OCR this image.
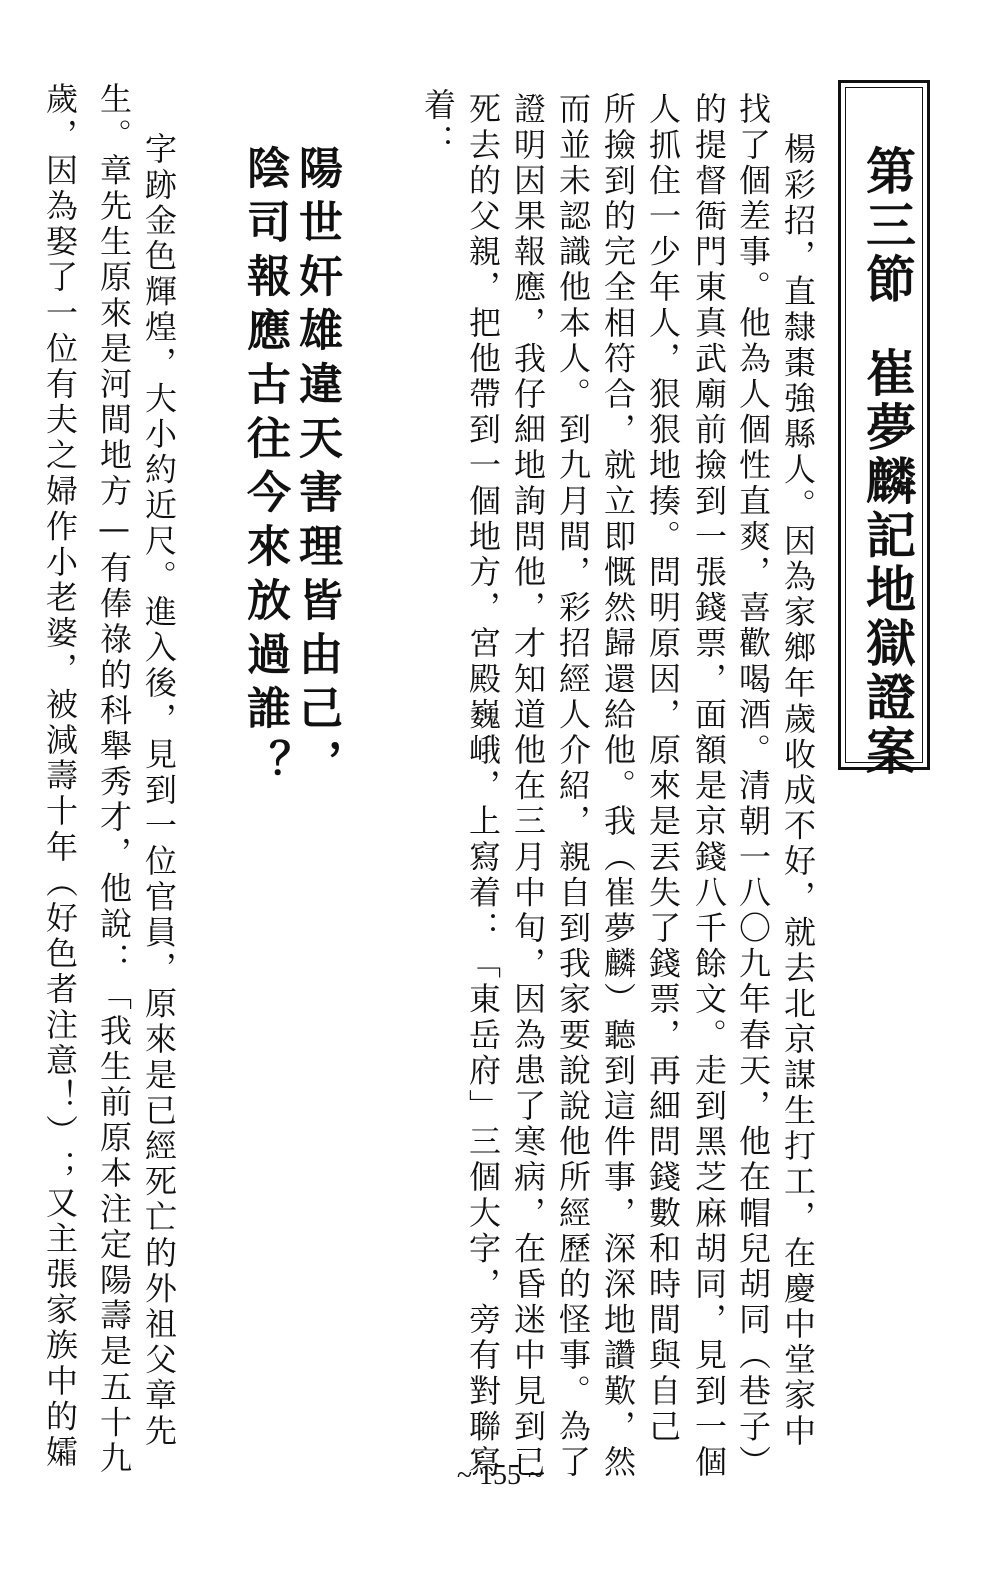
第三節崔夢麟記地獄證案
楊彩招，直隸棗強縣人。因為家鄉年歲收成不好，就去北京謀生打工，在慶中堂家中
找了個差事。他為人個性直爽，喜歡喝酒。清朝一八〇九年春天，他在帽兒胡同（巷子）
的提督衙門東真武廟前撿到一張錢票，面額是京錢八千餘文。走到黑芝麻胡同，見到一個
人抓住一少年人，狠狠地揍。問明原因，原來是丟失了錢票，再細問錢數和時間與自己
所撿到的完全相符合，就立即慨然歸還給他。我（崔夢麟）聽到這件事，深深地讚歎，然
而並未認識他本人。到九月間，彩招經人介紹，親自到我家要說說他所經歷的怪事。為了
證明因果報應，我仔細地詢問他，才知道他在三月中旬，因為患了寒病，在昏迷中見到已
死去的父親，把他帶到一個地方，宮殿巍峨，上寫着：「東岳府」三個大字，旁有對聯寫
着：
陽世奸雄違天害理皆由己，
陰司報應古往今來放過誰？
字跡金色輝煌，大小約近尺。進入後，見到一位官員，原來是已經死亡的外祖父章先
生。章先生原來是河間地方—有俸祿的科舉秀才，他說：「我生前原本注定陽壽是五十九
歲，因為娶了一位有夫之婦作小老婆，被減壽十年（好色者注意！）；又主張家族中的孀
~ 155 ~
